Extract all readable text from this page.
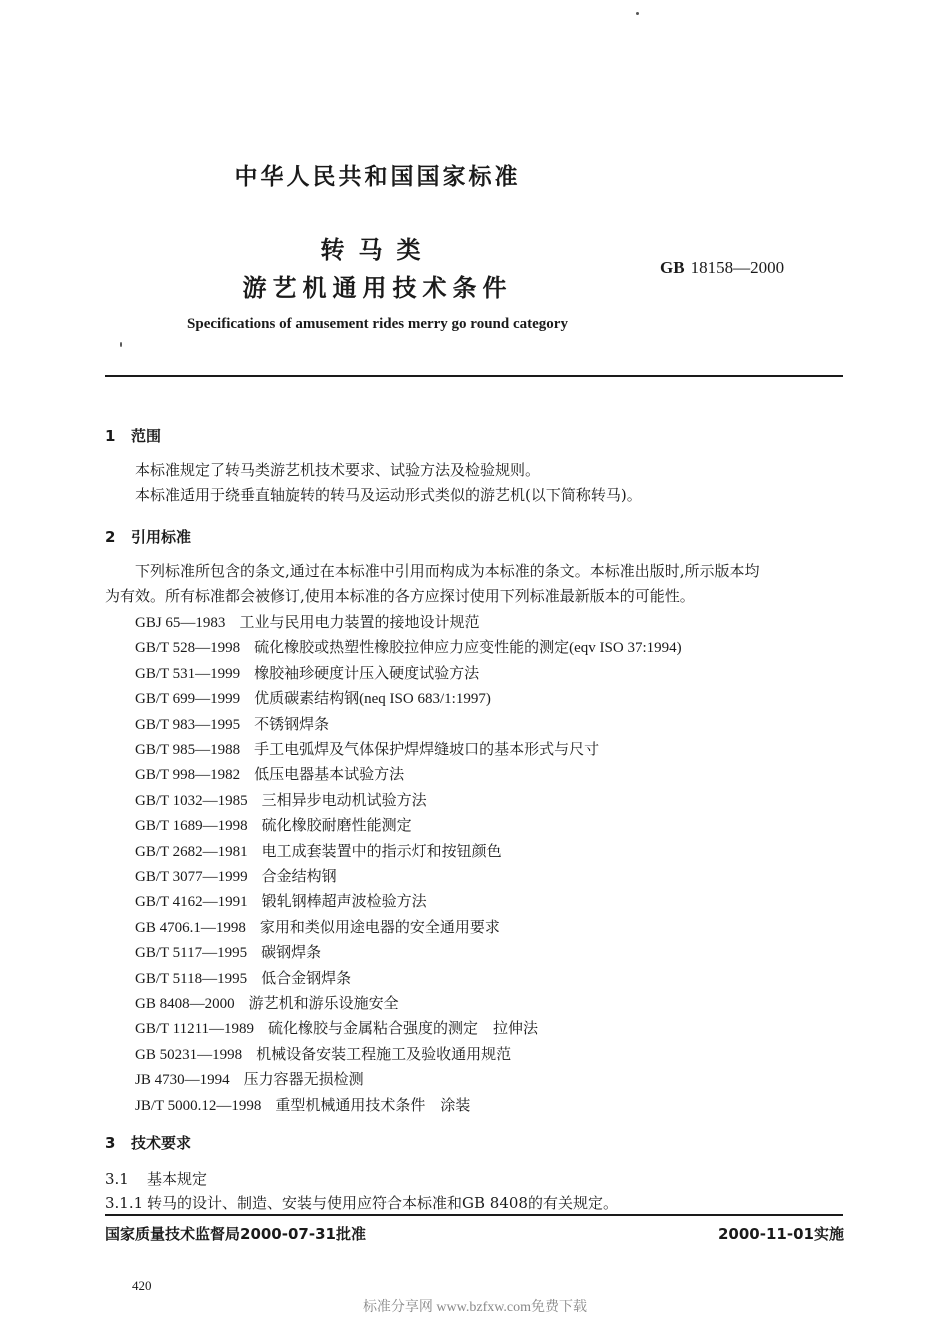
中华人民共和国国家标准
转马类
游艺机通用技术条件
GB 18158—2000
Specifications of amusement rides merry go round category
1 范围
本标准规定了转马类游艺机技术要求、试验方法及检验规则。
本标准适用于绕垂直轴旋转的转马及运动形式类似的游艺机(以下简称转马)。
2 引用标准
下列标准所包含的条文,通过在本标准中引用而构成为本标准的条文。本标准出版时,所示版本均
为有效。所有标准都会被修订,使用本标准的各方应探讨使用下列标准最新版本的可能性。
GBJ 65—1983 工业与民用电力装置的接地设计规范
GB/T 528—1998 硫化橡胶或热塑性橡胶拉伸应力应变性能的测定(eqv ISO 37:1994)
GB/T 531—1999 橡胶袖珍硬度计压入硬度试验方法
GB/T 699—1999 优质碳素结构钢(neq ISO 683/1:1997)
GB/T 983—1995 不锈钢焊条
GB/T 985—1988 手工电弧焊及气体保护焊焊缝坡口的基本形式与尺寸
GB/T 998—1982 低压电器基本试验方法
GB/T 1032—1985 三相异步电动机试验方法
GB/T 1689—1998 硫化橡胶耐磨性能测定
GB/T 2682—1981 电工成套装置中的指示灯和按钮颜色
GB/T 3077—1999 合金结构钢
GB/T 4162—1991 锻轧钢棒超声波检验方法
GB 4706.1—1998 家用和类似用途电器的安全通用要求
GB/T 5117—1995 碳钢焊条
GB/T 5118—1995 低合金钢焊条
GB 8408—2000 游艺机和游乐设施安全
GB/T 11211—1989 硫化橡胶与金属粘合强度的测定　拉伸法
GB 50231—1998 机械设备安装工程施工及验收通用规范
JB 4730—1994 压力容器无损检测
JB/T 5000.12—1998 重型机械通用技术条件　涂装
3 技术要求
3.1 基本规定
3.1.1 转马的设计、制造、安装与使用应符合本标准和GB 8408的有关规定。
国家质量技术监督局2000-07-31批准	2000-11-01实施
420
标准分享网 www.bzfxw.com免费下载
